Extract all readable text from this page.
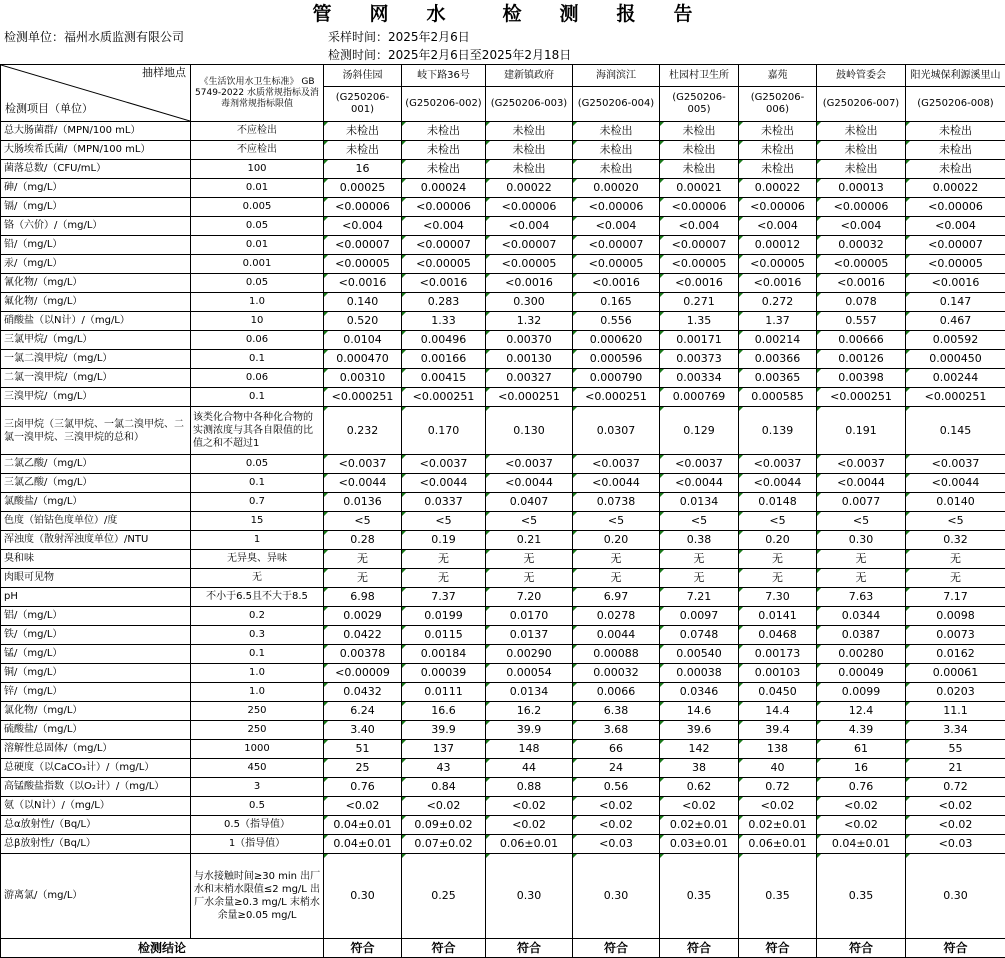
管　　网　　水　　　检　　测　　报　　告
检测单位：福州水质监测有限公司	采样时间：2025年2月6日
检测时间：2025年2月6日至2025年2月18日
抽样地点
检测项目（单位）	《生活饮用水卫生标准》 GB 5749-2022 水质常规指标及消毒剂常规指标限值	汤斜佳园	岐下路36号	建新镇政府	海润滨江	杜园村卫生所	嘉苑	鼓岭管委会	阳光城保利源溪里山
		(G250206-001)	(G250206-002)	(G250206-003)	(G250206-004)	(G250206-005)	(G250206-006)	(G250206-007)	(G250206-008)
总大肠菌群/（MPN/100 mL）	不应检出	未检出	未检出	未检出	未检出	未检出	未检出	未检出	未检出
大肠埃希氏菌/（MPN/100 mL）	不应检出	未检出	未检出	未检出	未检出	未检出	未检出	未检出	未检出
菌落总数/（CFU/mL）	100	16	未检出	未检出	未检出	未检出	未检出	未检出	未检出
砷/（mg/L）	0.01	0.00025	0.00024	0.00022	0.00020	0.00021	0.00022	0.00013	0.00022
镉/（mg/L）	0.005	<0.00006	<0.00006	<0.00006	<0.00006	<0.00006	<0.00006	<0.00006	<0.00006
铬（六价）/（mg/L）	0.05	<0.004	<0.004	<0.004	<0.004	<0.004	<0.004	<0.004	<0.004
铅/（mg/L）	0.01	<0.00007	<0.00007	<0.00007	<0.00007	<0.00007	0.00012	0.00032	<0.00007
汞/（mg/L）	0.001	<0.00005	<0.00005	<0.00005	<0.00005	<0.00005	<0.00005	<0.00005	<0.00005
氰化物/（mg/L）	0.05	<0.0016	<0.0016	<0.0016	<0.0016	<0.0016	<0.0016	<0.0016	<0.0016
氟化物/（mg/L）	1.0	0.140	0.283	0.300	0.165	0.271	0.272	0.078	0.147
硝酸盐（以N计）/（mg/L）	10	0.520	1.33	1.32	0.556	1.35	1.37	0.557	0.467
三氯甲烷/（mg/L）	0.06	0.0104	0.00496	0.00370	0.000620	0.00171	0.00214	0.00666	0.00592
一氯二溴甲烷/（mg/L）	0.1	0.000470	0.00166	0.00130	0.000596	0.00373	0.00366	0.00126	0.000450
二氯一溴甲烷/（mg/L）	0.06	0.00310	0.00415	0.00327	0.000790	0.00334	0.00365	0.00398	0.00244
三溴甲烷/（mg/L）	0.1	<0.000251	<0.000251	<0.000251	<0.000251	0.000769	0.000585	<0.000251	<0.000251
三卤甲烷（三氯甲烷、一氯二溴甲烷、二氯一溴甲烷、三溴甲烷的总和）	该类化合物中各种化合物的实测浓度与其各自限值的比值之和不超过1	0.232	0.170	0.130	0.0307	0.129	0.139	0.191	0.145
二氯乙酸/（mg/L）	0.05	<0.0037	<0.0037	<0.0037	<0.0037	<0.0037	<0.0037	<0.0037	<0.0037
三氯乙酸/（mg/L）	0.1	<0.0044	<0.0044	<0.0044	<0.0044	<0.0044	<0.0044	<0.0044	<0.0044
氯酸盐/（mg/L）	0.7	0.0136	0.0337	0.0407	0.0738	0.0134	0.0148	0.0077	0.0140
色度（铂钴色度单位）/度	15	<5	<5	<5	<5	<5	<5	<5	<5
浑浊度（散射浑浊度单位）/NTU	1	0.28	0.19	0.21	0.20	0.38	0.20	0.30	0.32
臭和味	无异臭、异味	无	无	无	无	无	无	无	无
肉眼可见物	无	无	无	无	无	无	无	无	无
pH	不小于6.5且不大于8.5	6.98	7.37	7.20	6.97	7.21	7.30	7.63	7.17
铝/（mg/L）	0.2	0.0029	0.0199	0.0170	0.0278	0.0097	0.0141	0.0344	0.0098
铁/（mg/L）	0.3	0.0422	0.0115	0.0137	0.0044	0.0748	0.0468	0.0387	0.0073
锰/（mg/L）	0.1	0.00378	0.00184	0.00290	0.00088	0.00540	0.00173	0.00280	0.0162
铜/（mg/L）	1.0	<0.00009	0.00039	0.00054	0.00032	0.00038	0.00103	0.00049	0.00061
锌/（mg/L）	1.0	0.0432	0.0111	0.0134	0.0066	0.0346	0.0450	0.0099	0.0203
氯化物/（mg/L）	250	6.24	16.6	16.2	6.38	14.6	14.4	12.4	11.1
硫酸盐/（mg/L）	250	3.40	39.9	39.9	3.68	39.6	39.4	4.39	3.34
溶解性总固体/（mg/L）	1000	51	137	148	66	142	138	61	55
总硬度（以CaCO₃计）/（mg/L）	450	25	43	44	24	38	40	16	21
高锰酸盐指数（以O₂计）/（mg/L）	3	0.76	0.84	0.88	0.56	0.62	0.72	0.76	0.72
氨（以N计）/（mg/L）	0.5	<0.02	<0.02	<0.02	<0.02	<0.02	<0.02	<0.02	<0.02
总α放射性/（Bq/L）	0.5（指导值）	0.04±0.01	0.09±0.02	<0.02	<0.02	0.02±0.01	0.02±0.01	<0.02	<0.02
总β放射性/（Bq/L）	1（指导值）	0.04±0.01	0.07±0.02	0.06±0.01	<0.03	0.03±0.01	0.06±0.01	0.04±0.01	<0.03
游离氯/（mg/L）	与水接触时间≥30 min 出厂水和末梢水限值≤2 mg/L 出厂水余量≥0.3 mg/L 末梢水余量≥0.05 mg/L	0.30	0.25	0.30	0.30	0.35	0.35	0.35	0.30
检测结论		符合	符合	符合	符合	符合	符合	符合	符合
